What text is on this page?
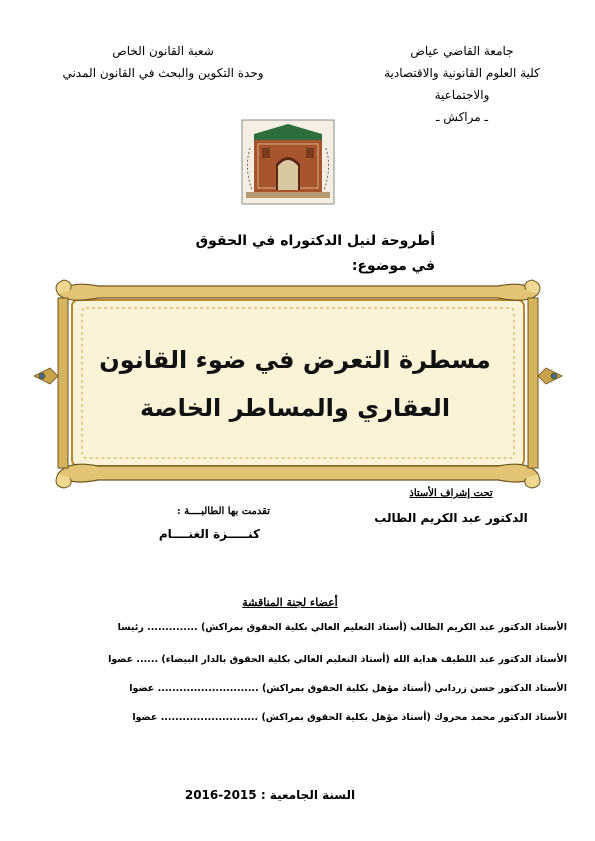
جامعة القاضي عياض
كلية العلوم القانونية والاقتصادية
والاجتماعية
ـ مراكش ـ
شعبة القانون الخاص
وحدة التكوين والبحث في القانون المدني
أطروحة لنيل الدكتوراه في الحقوق
في موضوع:
مسطرة التعرض في ضوء القانون
العقاري والمساطر الخاصة
تحت إشراف الأستاذ
الدكتور عبد الكريم الطالب
تقدمت بها الطالبــــة :
كنـــــزة الغنــــام
أعضاء لجنة المناقشة
الأستاذ الدكتور عبد الكريم الطالب (أستاذ التعليم العالي بكلية الحقوق بمراكش) .............. رئيسا
الأستاذ الدكتور عبد اللطيف هداية الله (أستاذ التعليم العالي بكلية الحقوق بالدار البيضاء) ...... عضوا
الأستاذ الدكتور حسن زرداني (أستاذ مؤهل بكلية الحقوق بمراكش) ............................ عضوا
الأستاذ الدكتور محمد محروك (أستاذ مؤهل بكلية الحقوق بمراكش) ........................... عضوا
السنة الجامعية : 2015-2016
